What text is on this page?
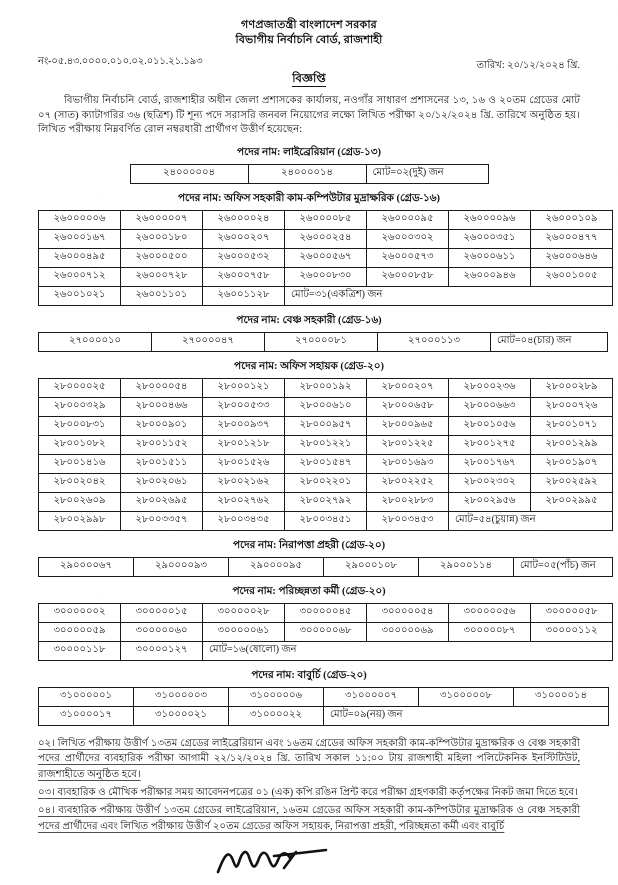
গণপ্রজাতন্ত্রী বাংলাদেশ সরকার
বিভাগীয় নির্বাচনি বোর্ড, রাজশাহী
নং-০৫.৪৩.০০০০.০১০.০২.০১১.২১.১৯৩	তারিখ: ২০/১২/২০২৪ খ্রি.
বিজ্ঞপ্তি
বিভাগীয় নির্বাচনি বোর্ড, রাজশাহীর অধীন জেলা প্রশাসকের কার্যালয়, নওগাঁর সাধারণ প্রশাসনের ১৩, ১৬ ও ২০তম গ্রেডের মোট ০৭ (সাত) ক্যাটাগরির ৩৬ (ছত্রিশ) টি শূন্য পদে সরাসরি জনবল নিয়োগের লক্ষ্যে লিখিত পরীক্ষা ২০/১২/২০২৪ খ্রি. তারিখে অনুষ্ঠিত হয়। লিখিত পরীক্ষায় নিম্নবর্ণিত রোল নম্বরধারী প্রার্থীগণ উত্তীর্ণ হয়েছেন:
পদের নাম: লাইব্রেরিয়ান (গ্রেড-১৩)
২৪০০০০০৪	২৪০০০০১৪	মোট=০২(দুই) জন
পদের নাম: অফিস সহকারী কাম-কম্পিউটার মুদ্রাক্ষরিক (গ্রেড-১৬)
২৬০০০০০৬	২৬০০০০০৭	২৬০০০০২৪	২৬০০০০৮৫	২৬০০০০৯৫	২৬০০০০৯৬	২৬০০০১০৯
২৬০০০১৬৭	২৬০০০১৮০	২৬০০০২০৭	২৬০০০২৫৪	২৬০০০৩০২	২৬০০০৩৫১	২৬০০০৪৭৭
২৬০০০৪৯৫	২৬০০০৫০০	২৬০০০৫৩২	২৬০০০৫৬৭	২৬০০০৫৭৩	২৬০০০৬১১	২৬০০০৬৪৬
২৬০০০৭১২	২৬০০০৭২৮	২৬০০০৭৫৮	২৬০০০৮৩০	২৬০০০৮৫৮	২৬০০০৯৪৬	২৬০০১০০৫
২৬০০১০২১	২৬০০১১০১	২৬০০১১২৮	মোট=৩১(একত্রিশ) জন			
পদের নাম: বেঞ্চ সহকারী (গ্রেড-১৬)
২৭০০০০১০	২৭০০০০৪৭	২৭০০০০৮১	২৭০০০১১৩	মোট=০৪(চার) জন
পদের নাম: অফিস সহায়ক (গ্রেড-২০)
২৮০০০০২৫	২৮০০০০৫৪	২৮০০০১২১	২৮০০০১৯২	২৮০০০২০৭	২৮০০০২৩৬	২৮০০০২৮৯
২৮০০০৩২৯	২৮০০০৪৬৬	২৮০০০৫৩৩	২৮০০০৬১০	২৮০০০৬৫৮	২৮০০০৬৬৩	২৮০০০৭২৬
২৮০০০৮৩১	২৮০০০৯০১	২৮০০০৯৩৭	২৮০০০৯৫৭	২৮০০০৯৬৫	২৮০০১০৫৬	২৮০০১০৭১
২৮০০১০৮২	২৮০০১১৫২	২৮০০১২১৮	২৮০০১২২১	২৮০০১২২৫	২৮০০১২৭৫	২৮০০১২৯৯
২৮০০১৪১৬	২৮০০১৫১১	২৮০০১৫২৬	২৮০০১৫৪৭	২৮০০১৬৯৩	২৮০০১৭৬৭	২৮০০১৯০৭
২৮০০২০৪২	২৮০০২০৬১	২৮০০২১৬২	২৮০০২২০১	২৮০০২২৫২	২৮০০২৩০২	২৮০০২৫৯২
২৮০০২৬০৯	২৮০০২৬৯৫	২৮০০২৭৬২	২৮০০২৭৯২	২৮০০২৮৮৩	২৮০০২৯৫৬	২৮০০২৯৯৫
২৮০০২৯৯৮	২৮০০৩৩৫৭	২৮০০৩৪৩৫	২৮০০৩৪৫১	২৮০০৩৪৫৩	মোট=৫৪(চুয়ান্ন) জন	
পদের নাম: নিরাপত্তা প্রহরী (গ্রেড-২০)
২৯০০০০৬৭	২৯০০০০৯৩	২৯০০০০৯৫	২৯০০০১০৮	২৯০০০১১৪	মোট=০৫(পাঁচ) জন
পদের নাম: পরিচ্ছন্নতা কর্মী (গ্রেড-২০)
৩০০০০০০২	৩০০০০০১৫	৩০০০০০২৮	৩০০০০০৪৫	৩০০০০০৫৪	৩০০০০০৫৬	৩০০০০০৫৮
৩০০০০০৫৯	৩০০০০০৬০	৩০০০০০৬১	৩০০০০০৬৮	৩০০০০০৬৯	৩০০০০০৮৭	৩০০০০১১২
৩০০০০১১৮	৩০০০০১২৭	মোট=১৬(ষোলো) জন				
পদের নাম: বাবুর্চি (গ্রেড-২০)
৩১০০০০০১	৩১০০০০০৩	৩১০০০০০৬	৩১০০০০০৭	৩১০০০০০৮	৩১০০০০১৪
৩১০০০০১৭	৩১০০০০২১	৩১০০০০২২	মোট=০৯(নয়) জন		
০২। লিখিত পরীক্ষায় উত্তীর্ণ ১৩তম গ্রেডের লাইব্রেরিয়ান এবং ১৬তম গ্রেডের অফিস সহকারী কাম-কম্পিউটার মুদ্রাক্ষরিক ও বেঞ্চ সহকারী পদের প্রার্থীদের ব্যবহারিক পরীক্ষা আগামী ২২/১২/২০২৪ খ্রি. তারিখ সকাল ১১:০০ টায় রাজশাহী মহিলা পলিটেকনিক ইনস্টিটিউট, রাজশাহীতে অনুষ্ঠিত হবে।
০৩। ব্যবহারিক ও মৌখিক পরীক্ষার সময় আবেদনপত্রের ০১ (এক) কপি রঙিন প্রিন্ট করে পরীক্ষা গ্রহণকারী কর্তৃপক্ষের নিকট জমা দিতে হবে।
০৪। ব্যবহারিক পরীক্ষায় উত্তীর্ণ ১৩তম গ্রেডের লাইব্রেরিয়ান, ১৬তম গ্রেডের অফিস সহকারী কাম-কম্পিউটার মুদ্রাক্ষরিক ও বেঞ্চ সহকারী পদের প্রার্থীদের এবং লিখিত পরীক্ষায় উত্তীর্ণ ২০তম গ্রেডের অফিস সহায়ক, নিরাপত্তা প্রহরী, পরিচ্ছন্নতা কর্মী এবং বাবুর্চি
